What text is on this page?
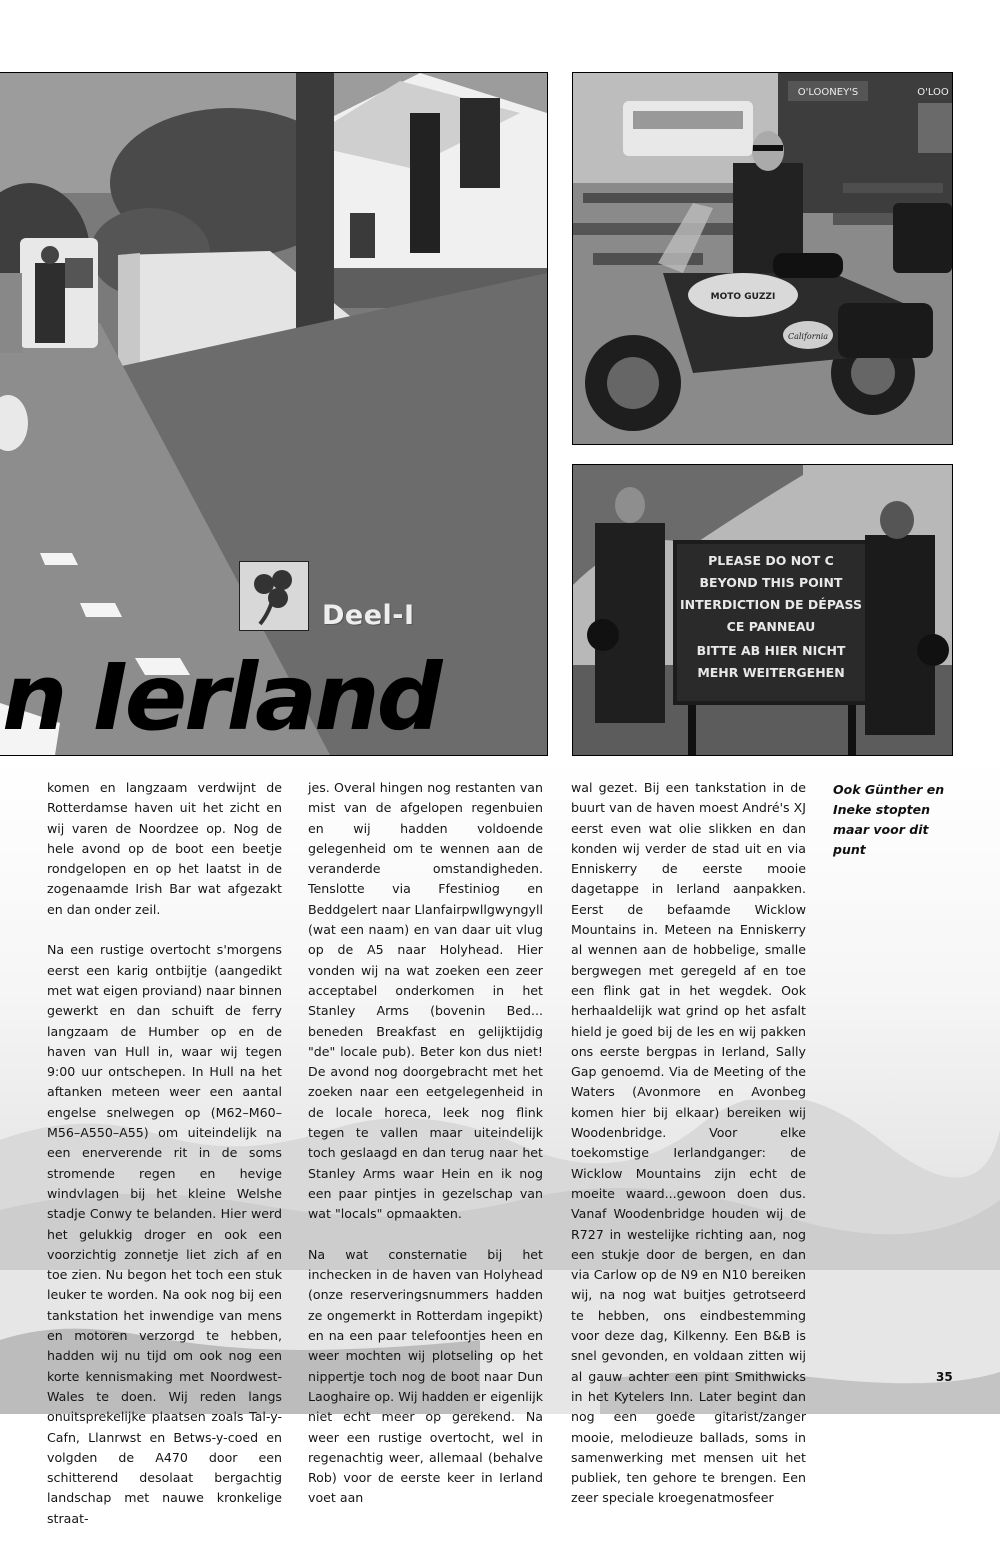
Deel-I
n Ierland
O'LOONEY'S	O'LOO
MOTO GUZZI
California
PLEASE DO NOT C
BEYOND THIS POINT
INTERDICTION DE DÉPASS
CE PANNEAU
BITTE AB HIER NICHT
MEHR WEITERGEHEN

komen en langzaam verdwijnt de Rotterdamse haven uit het zicht en wij varen de Noordzee op. Nog de hele avond op de boot een beetje rondgelopen en op het laatst in de zogenaamde Irish Bar wat afgezakt en dan onder zeil.

Na een rustige overtocht s'morgens eerst een karig ontbijtje (aangedikt met wat eigen proviand) naar binnen gewerkt en dan schuift de ferry langzaam de Humber op en de haven van Hull in, waar wij tegen 9:00 uur ontschepen. In Hull na het aftanken meteen weer een aantal engelse snelwegen op (M62–M60–M56–A550–A55) om uiteindelijk na een enerverende rit in de soms stromende regen en hevige windvlagen bij het kleine Welshe stadje Conwy te belanden. Hier werd het gelukkig droger en ook een voorzichtig zonnetje liet zich af en toe zien. Nu begon het toch een stuk leuker te worden. Na ook nog bij een tankstation het inwendige van mens en motoren verzorgd te hebben, hadden wij nu tijd om ook nog een korte kennismaking met Noordwest-Wales te doen. Wij reden langs onuitsprekelijke plaatsen zoals Tal-y-Cafn, Llanrwst en Betws-y-coed en volgden de A470 door een schitterend desolaat bergachtig landschap met nauwe kronkelige straat-

jes. Overal hingen nog restanten van mist van de afgelopen regenbuien en wij hadden voldoende gelegenheid om te wennen aan de veranderde omstandigheden. Tenslotte via Ffestiniog en Beddgelert naar Llanfairpwllgwyngyll (wat een naam) en van daar uit vlug op de A5 naar Holyhead. Hier vonden wij na wat zoeken een zeer acceptabel onderkomen in het Stanley Arms (bovenin Bed... beneden Breakfast en gelijktijdig "de" locale pub). Beter kon dus niet! De avond nog doorgebracht met het zoeken naar een eetgelegenheid in de locale horeca, leek nog flink tegen te vallen maar uiteindelijk toch geslaagd en dan terug naar het Stanley Arms waar Hein en ik nog een paar pintjes in gezelschap van wat "locals" opmaakten.

Na wat consternatie bij het inchecken in de haven van Holyhead (onze reserveringsnummers hadden ze ongemerkt in Rotterdam ingepikt) en na een paar telefoontjes heen en weer mochten wij plotseling op het nippertje toch nog de boot naar Dun Laoghaire op. Wij hadden er eigenlijk niet echt meer op gerekend. Na weer een rustige overtocht, wel in regenachtig weer, allemaal (behalve Rob) voor de eerste keer in Ierland voet aan

wal gezet. Bij een tankstation in de buurt van de haven moest André's XJ eerst even wat olie slikken en dan konden wij verder de stad uit en via Enniskerry de eerste mooie dagetappe in Ierland aanpakken. Eerst de befaamde Wicklow Mountains in. Meteen na Enniskerry al wennen aan de hobbelige, smalle bergwegen met geregeld af en toe een flink gat in het wegdek. Ook herhaaldelijk wat grind op het asfalt hield je goed bij de les en wij pakken ons eerste bergpas in Ierland, Sally Gap genoemd. Via de Meeting of the Waters (Avonmore en Avonbeg komen hier bij elkaar) bereiken wij Woodenbridge. Voor elke toekomstige Ierlandganger: de Wicklow Mountains zijn echt de moeite waard...gewoon doen dus. Vanaf Woodenbridge houden wij de R727 in westelijke richting aan, nog een stukje door de bergen, en dan via Carlow op de N9 en N10 bereiken wij, na nog wat buitjes getrotseerd te hebben, ons eindbestemming voor deze dag, Kilkenny. Een B&B is snel gevonden, en voldaan zitten wij al gauw achter een pint Smithwicks in het Kytelers Inn. Later begint dan nog een goede gitarist/zanger mooie, melodieuze ballads, soms in samenwerking met mensen uit het publiek, ten gehore te brengen. Een zeer speciale kroegenatmosfeer

Ook Günther en Ineke stopten maar voor dit punt
35
